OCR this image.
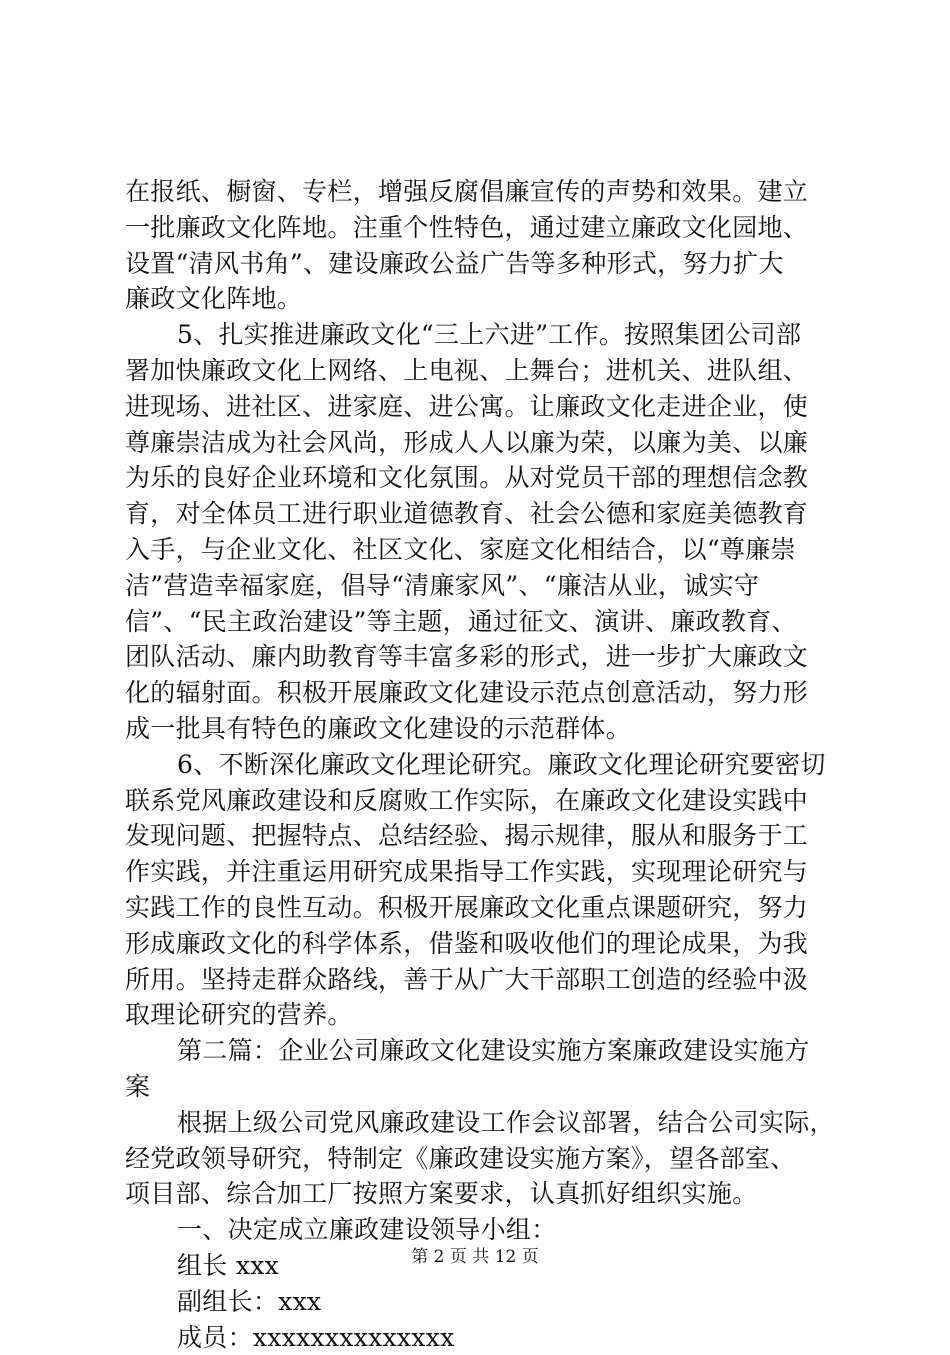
在报纸、橱窗、专栏，增强反腐倡廉宣传的声势和效果。建立
一批廉政文化阵地。注重个性特色，通过建立廉政文化园地、
设置“清风书角”、建设廉政公益广告等多种形式，努力扩大
廉政文化阵地。
5、扎实推进廉政文化“三上六进”工作。按照集团公司部
署加快廉政文化上网络、上电视、上舞台；进机关、进队组、
进现场、进社区、进家庭、进公寓。让廉政文化走进企业，使
尊廉崇洁成为社会风尚，形成人人以廉为荣，以廉为美、以廉
为乐的良好企业环境和文化氛围。从对党员干部的理想信念教
育，对全体员工进行职业道德教育、社会公德和家庭美德教育
入手，与企业文化、社区文化、家庭文化相结合，以“尊廉崇
洁”营造幸福家庭，倡导“清廉家风”、“廉洁从业，诚实守
信”、“民主政治建设”等主题，通过征文、演讲、廉政教育、
团队活动、廉内助教育等丰富多彩的形式，进一步扩大廉政文
化的辐射面。积极开展廉政文化建设示范点创意活动，努力形
成一批具有特色的廉政文化建设的示范群体。
6、不断深化廉政文化理论研究。廉政文化理论研究要密切
联系党风廉政建设和反腐败工作实际，在廉政文化建设实践中
发现问题、把握特点、总结经验、揭示规律，服从和服务于工
作实践，并注重运用研究成果指导工作实践，实现理论研究与
实践工作的良性互动。积极开展廉政文化重点课题研究，努力
形成廉政文化的科学体系，借鉴和吸收他们的理论成果，为我
所用。坚持走群众路线，善于从广大干部职工创造的经验中汲
取理论研究的营养。
第二篇：企业公司廉政文化建设实施方案廉政建设实施方
案
根据上级公司党风廉政建设工作会议部署，结合公司实际，
经党政领导研究，特制定《廉政建设实施方案》，望各部室、
项目部、综合加工厂按照方案要求，认真抓好组织实施。
一、决定成立廉政建设领导小组：
组长 xxx
副组长：xxx
成员：xxxxxxxxxxxxxx
第 2 页 共 12 页
